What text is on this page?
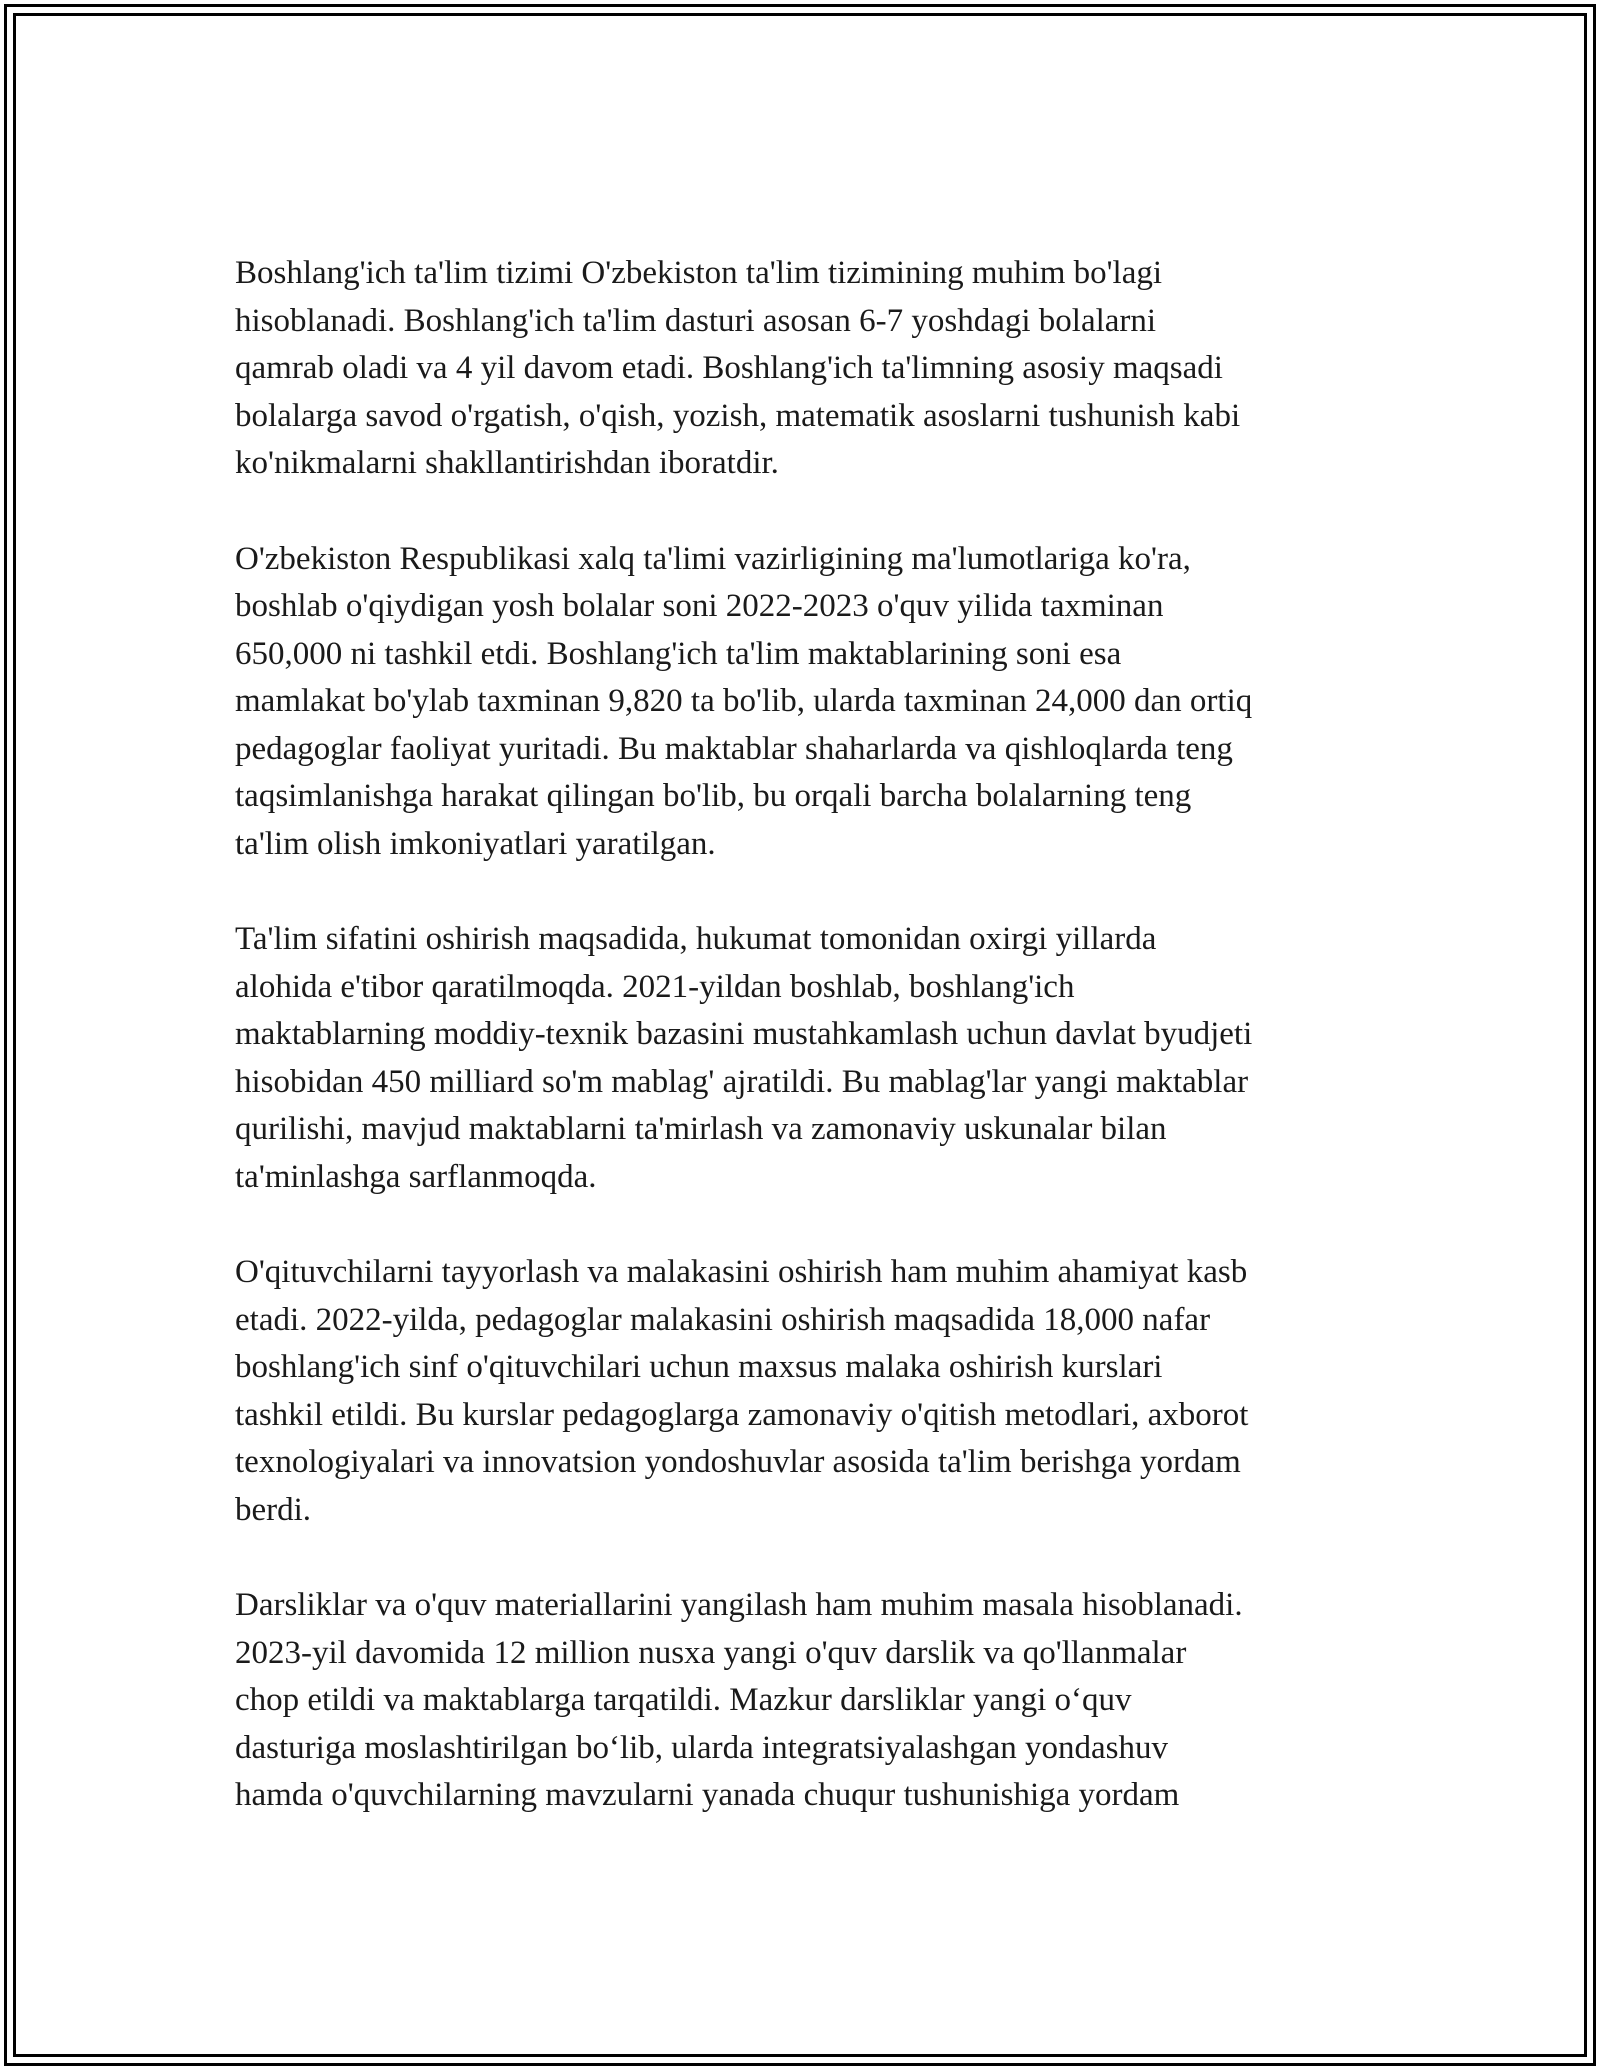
Boshlang'ich ta'lim tizimi O'zbekiston ta'lim tizimining muhim bo'lagi
hisoblanadi. Boshlang'ich ta'lim dasturi asosan 6-7 yoshdagi bolalarni
qamrab oladi va 4 yil davom etadi. Boshlang'ich ta'limning asosiy maqsadi
bolalarga savod o'rgatish, o'qish, yozish, matematik asoslarni tushunish kabi
ko'nikmalarni shakllantirishdan iboratdir.

O'zbekiston Respublikasi xalq ta'limi vazirligining ma'lumotlariga ko'ra,
boshlab o'qiydigan yosh bolalar soni 2022-2023 o'quv yilida taxminan
650,000 ni tashkil etdi. Boshlang'ich ta'lim maktablarining soni esa
mamlakat bo'ylab taxminan 9,820 ta bo'lib, ularda taxminan 24,000 dan ortiq
pedagoglar faoliyat yuritadi. Bu maktablar shaharlarda va qishloqlarda teng
taqsimlanishga harakat qilingan bo'lib, bu orqali barcha bolalarning teng
ta'lim olish imkoniyatlari yaratilgan.

Ta'lim sifatini oshirish maqsadida, hukumat tomonidan oxirgi yillarda
alohida e'tibor qaratilmoqda. 2021-yildan boshlab, boshlang'ich
maktablarning moddiy-texnik bazasini mustahkamlash uchun davlat byudjeti
hisobidan 450 milliard so'm mablag' ajratildi. Bu mablag'lar yangi maktablar
qurilishi, mavjud maktablarni ta'mirlash va zamonaviy uskunalar bilan
ta'minlashga sarflanmoqda.

O'qituvchilarni tayyorlash va malakasini oshirish ham muhim ahamiyat kasb
etadi. 2022-yilda, pedagoglar malakasini oshirish maqsadida 18,000 nafar
boshlang'ich sinf o'qituvchilari uchun maxsus malaka oshirish kurslari
tashkil etildi. Bu kurslar pedagoglarga zamonaviy o'qitish metodlari, axborot
texnologiyalari va innovatsion yondoshuvlar asosida ta'lim berishga yordam
berdi.

Darsliklar va o'quv materiallarini yangilash ham muhim masala hisoblanadi.
2023-yil davomida 12 million nusxa yangi o'quv darslik va qo'llanmalar
chop etildi va maktablarga tarqatildi. Mazkur darsliklar yangi o‘quv
dasturiga moslashtirilgan bo‘lib, ularda integratsiyalashgan yondashuv
hamda o'quvchilarning mavzularni yanada chuqur tushunishiga yordam
